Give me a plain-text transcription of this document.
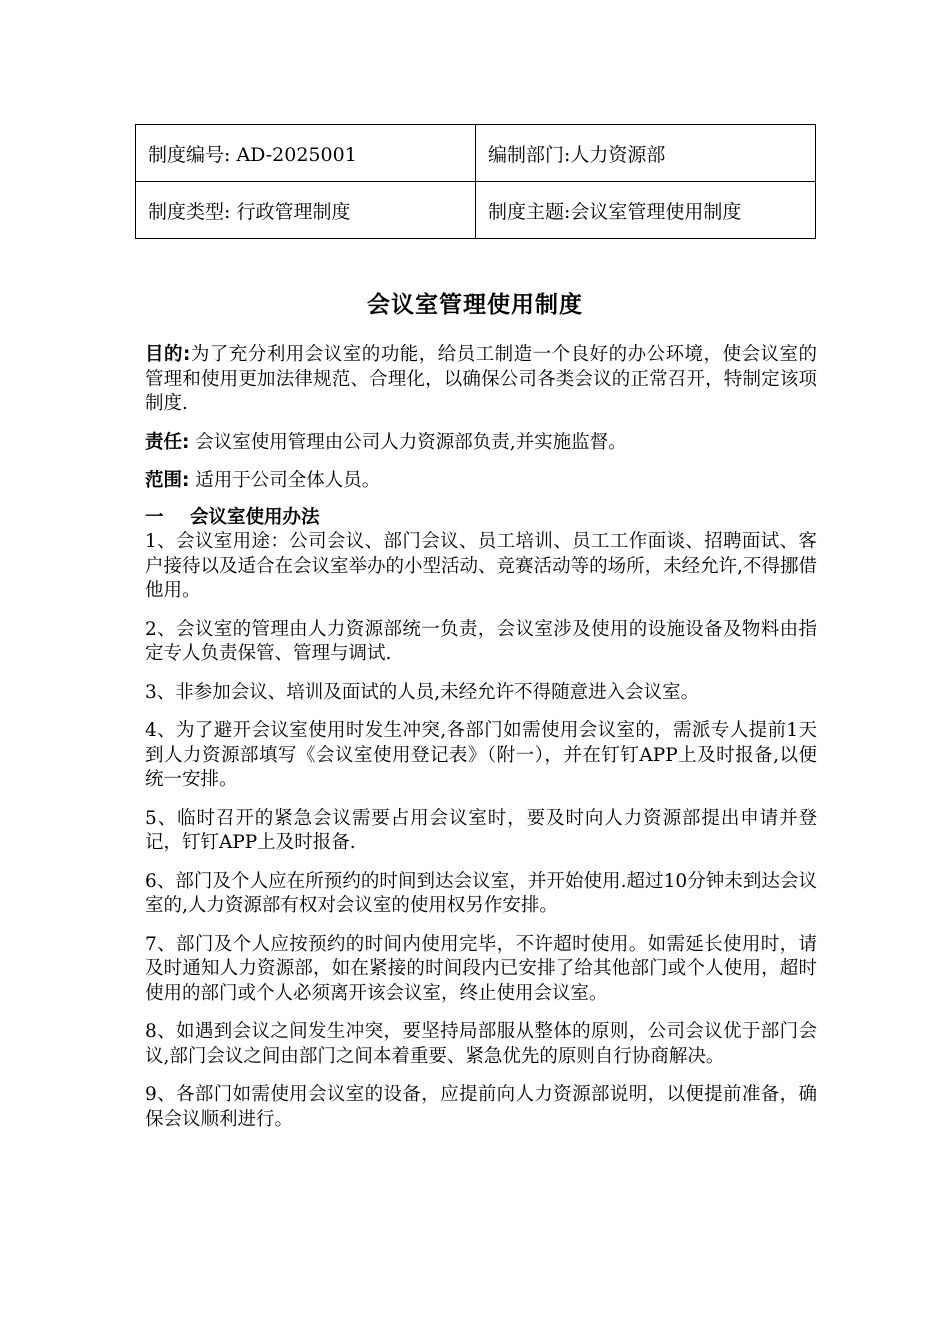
制度编号: AD-2025001	编制部门:人力资源部
制度类型: 行政管理制度	制度主题:会议室管理使用制度
会议室管理使用制度

目的:为了充分利用会议室的功能，给员工制造一个良好的办公环境，使会议室的管理和使用更加法律规范、合理化，以确保公司各类会议的正常召开，特制定该项制度.

责任: 会议室使用管理由公司人力资源部负责,并实施监督。

范围: 适用于公司全体人员。

一 会议室使用办法

1、会议室用途：公司会议、部门会议、员工培训、员工工作面谈、招聘面试、客户接待以及适合在会议室举办的小型活动、竞赛活动等的场所，未经允许,不得挪借他用。

2、会议室的管理由人力资源部统一负责，会议室涉及使用的设施设备及物料由指定专人负责保管、管理与调试.

3、非参加会议、培训及面试的人员,未经允许不得随意进入会议室。

4、为了避开会议室使用时发生冲突,各部门如需使用会议室的，需派专人提前1天到人力资源部填写《会议室使用登记表》（附一），并在钉钉APP上及时报备,以便统一安排。

5、临时召开的紧急会议需要占用会议室时，要及时向人力资源部提出申请并登记，钉钉APP上及时报备.

6、部门及个人应在所预约的时间到达会议室，并开始使用.超过10分钟未到达会议室的,人力资源部有权对会议室的使用权另作安排。

7、部门及个人应按预约的时间内使用完毕，不许超时使用。如需延长使用时，请及时通知人力资源部，如在紧接的时间段内已安排了给其他部门或个人使用，超时使用的部门或个人必须离开该会议室，终止使用会议室。

8、如遇到会议之间发生冲突，要坚持局部服从整体的原则，公司会议优于部门会议,部门会议之间由部门之间本着重要、紧急优先的原则自行协商解决。

9、各部门如需使用会议室的设备，应提前向人力资源部说明，以便提前准备，确保会议顺利进行。
